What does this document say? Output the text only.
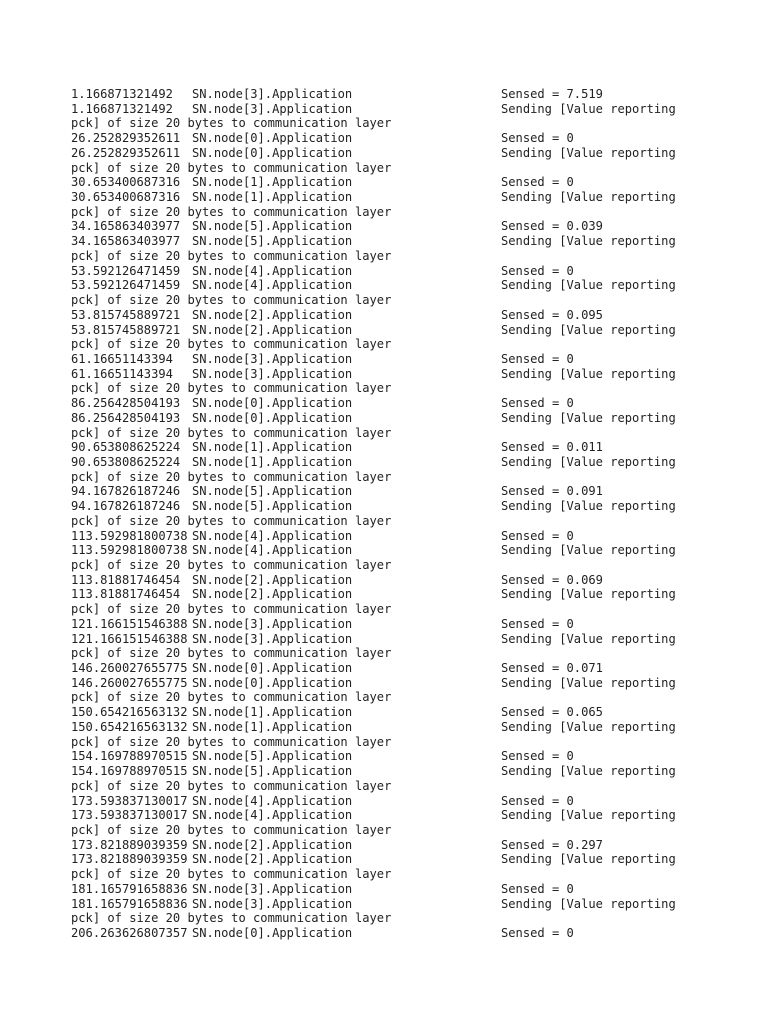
1.166871321492 SN.node[3].Application	Sensed = 7.519
1.166871321492 SN.node[3].Application	Sending [Value reporting
pck] of size 20 bytes to communication layer
26.252829352611 SN.node[0].Application	Sensed = 0
26.252829352611 SN.node[0].Application	Sending [Value reporting
pck] of size 20 bytes to communication layer
30.653400687316 SN.node[1].Application	Sensed = 0
30.653400687316 SN.node[1].Application	Sending [Value reporting
pck] of size 20 bytes to communication layer
34.165863403977 SN.node[5].Application	Sensed = 0.039
34.165863403977 SN.node[5].Application	Sending [Value reporting
pck] of size 20 bytes to communication layer
53.592126471459 SN.node[4].Application	Sensed = 0
53.592126471459 SN.node[4].Application	Sending [Value reporting
pck] of size 20 bytes to communication layer
53.815745889721 SN.node[2].Application	Sensed = 0.095
53.815745889721 SN.node[2].Application	Sending [Value reporting
pck] of size 20 bytes to communication layer
61.16651143394 SN.node[3].Application	Sensed = 0
61.16651143394 SN.node[3].Application	Sending [Value reporting
pck] of size 20 bytes to communication layer
86.256428504193 SN.node[0].Application	Sensed = 0
86.256428504193 SN.node[0].Application	Sending [Value reporting
pck] of size 20 bytes to communication layer
90.653808625224 SN.node[1].Application	Sensed = 0.011
90.653808625224 SN.node[1].Application	Sending [Value reporting
pck] of size 20 bytes to communication layer
94.167826187246 SN.node[5].Application	Sensed = 0.091
94.167826187246 SN.node[5].Application	Sending [Value reporting
pck] of size 20 bytes to communication layer
113.592981800738 SN.node[4].Application	Sensed = 0
113.592981800738 SN.node[4].Application	Sending [Value reporting
pck] of size 20 bytes to communication layer
113.81881746454 SN.node[2].Application	Sensed = 0.069
113.81881746454 SN.node[2].Application	Sending [Value reporting
pck] of size 20 bytes to communication layer
121.166151546388 SN.node[3].Application	Sensed = 0
121.166151546388 SN.node[3].Application	Sending [Value reporting
pck] of size 20 bytes to communication layer
146.260027655775 SN.node[0].Application	Sensed = 0.071
146.260027655775 SN.node[0].Application	Sending [Value reporting
pck] of size 20 bytes to communication layer
150.654216563132 SN.node[1].Application	Sensed = 0.065
150.654216563132 SN.node[1].Application	Sending [Value reporting
pck] of size 20 bytes to communication layer
154.169788970515 SN.node[5].Application	Sensed = 0
154.169788970515 SN.node[5].Application	Sending [Value reporting
pck] of size 20 bytes to communication layer
173.593837130017 SN.node[4].Application	Sensed = 0
173.593837130017 SN.node[4].Application	Sending [Value reporting
pck] of size 20 bytes to communication layer
173.821889039359 SN.node[2].Application	Sensed = 0.297
173.821889039359 SN.node[2].Application	Sending [Value reporting
pck] of size 20 bytes to communication layer
181.165791658836 SN.node[3].Application	Sensed = 0
181.165791658836 SN.node[3].Application	Sending [Value reporting
pck] of size 20 bytes to communication layer
206.263626807357 SN.node[0].Application	Sensed = 0
